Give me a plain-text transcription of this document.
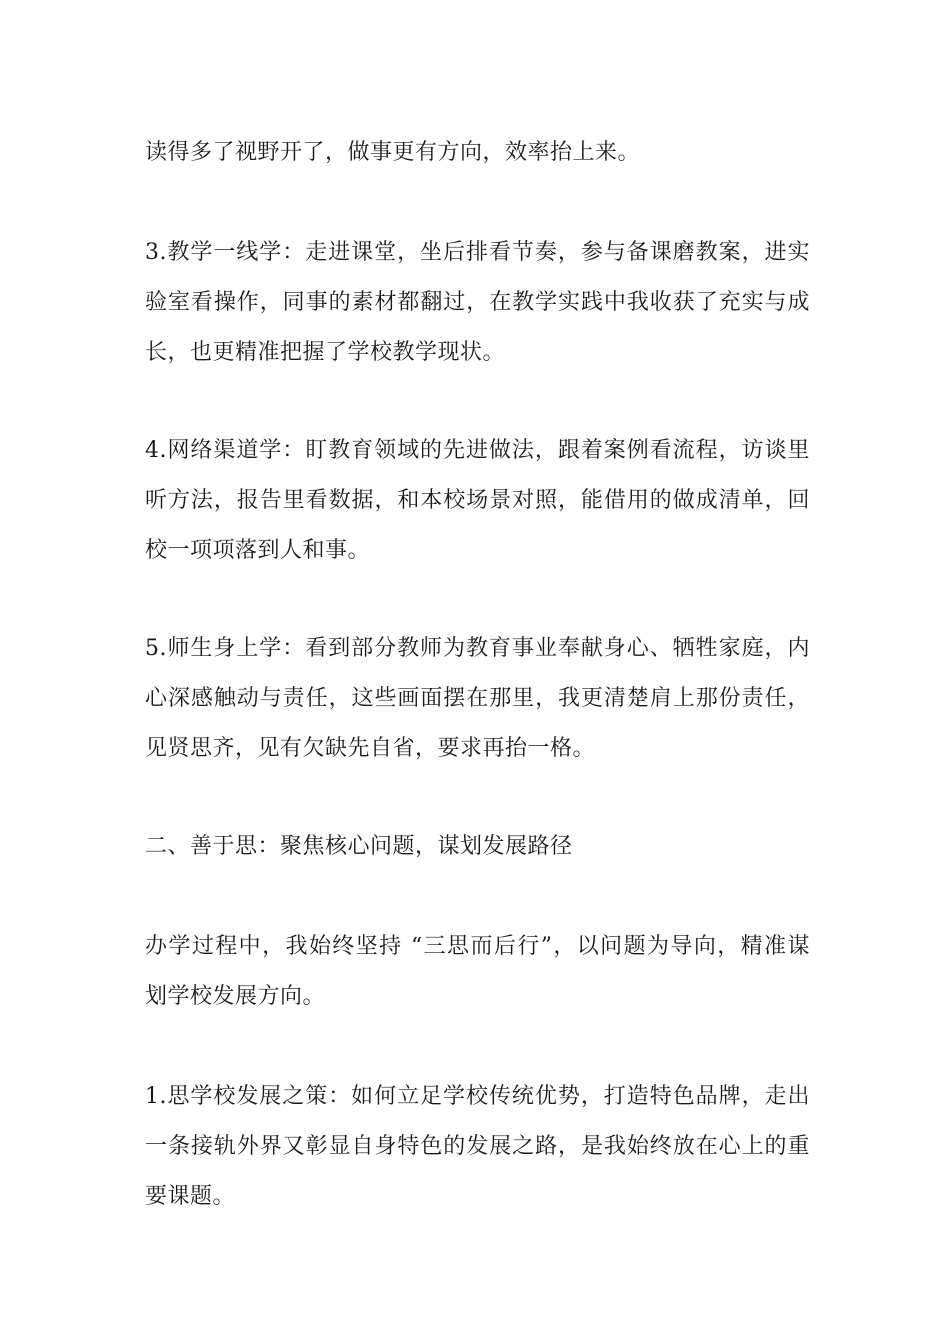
读得多了视野开了，做事更有方向，效率抬上来。

3.教学一线学：走进课堂，坐后排看节奏，参与备课磨教案，进实
验室看操作，同事的素材都翻过，在教学实践中我收获了充实与成
长，也更精准把握了学校教学现状。

4.网络渠道学：盯教育领域的先进做法，跟着案例看流程，访谈里
听方法，报告里看数据，和本校场景对照，能借用的做成清单，回
校一项项落到人和事。

5.师生身上学：看到部分教师为教育事业奉献身心、牺牲家庭，内
心深感触动与责任，这些画面摆在那里，我更清楚肩上那份责任，
见贤思齐，见有欠缺先自省，要求再抬一格。

二、善于思：聚焦核心问题，谋划发展路径

办学过程中，我始终坚持 “三思而后行”，以问题为导向，精准谋
划学校发展方向。

1.思学校发展之策：如何立足学校传统优势，打造特色品牌，走出
一条接轨外界又彰显自身特色的发展之路，是我始终放在心上的重
要课题。
